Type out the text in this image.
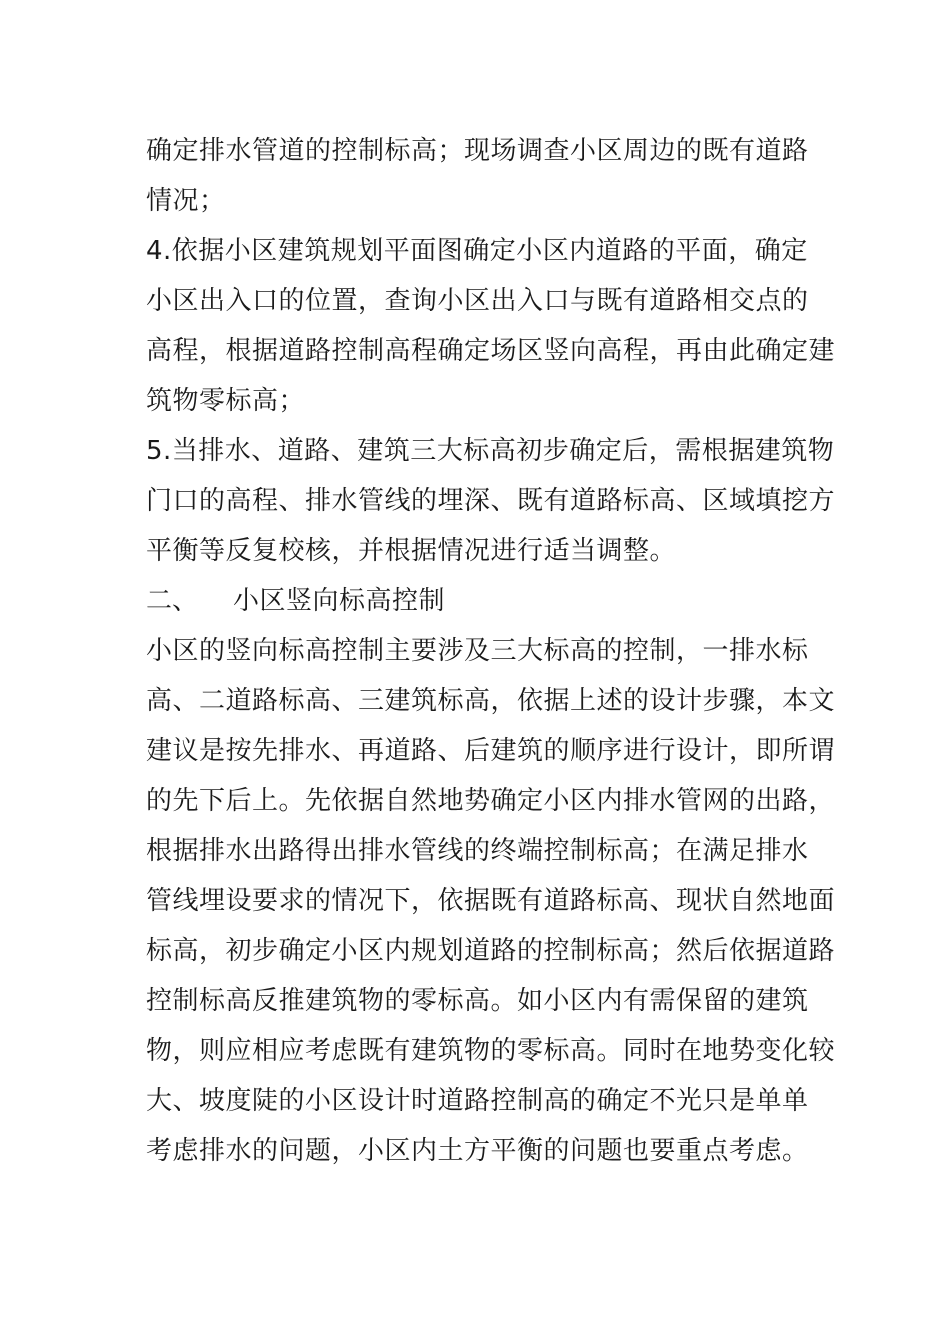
确定排水管道的控制标高；现场调查小区周边的既有道路
情况；
4.依据小区建筑规划平面图确定小区内道路的平面，确定
小区出入口的位置，查询小区出入口与既有道路相交点的
高程，根据道路控制高程确定场区竖向高程，再由此确定建
筑物零标高；
5.当排水、道路、建筑三大标高初步确定后，需根据建筑物
门口的高程、排水管线的埋深、既有道路标高、区域填挖方
平衡等反复校核，并根据情况进行适当调整。
二、 小区竖向标高控制
小区的竖向标高控制主要涉及三大标高的控制，一排水标
高、二道路标高、三建筑标高，依据上述的设计步骤，本文
建议是按先排水、再道路、后建筑的顺序进行设计，即所谓
的先下后上。先依据自然地势确定小区内排水管网的出路，
根据排水出路得出排水管线的终端控制标高；在满足排水
管线埋设要求的情况下，依据既有道路标高、现状自然地面
标高，初步确定小区内规划道路的控制标高；然后依据道路
控制标高反推建筑物的零标高。如小区内有需保留的建筑
物，则应相应考虑既有建筑物的零标高。同时在地势变化较
大、坡度陡的小区设计时道路控制高的确定不光只是单单
考虑排水的问题，小区内土方平衡的问题也要重点考虑。
